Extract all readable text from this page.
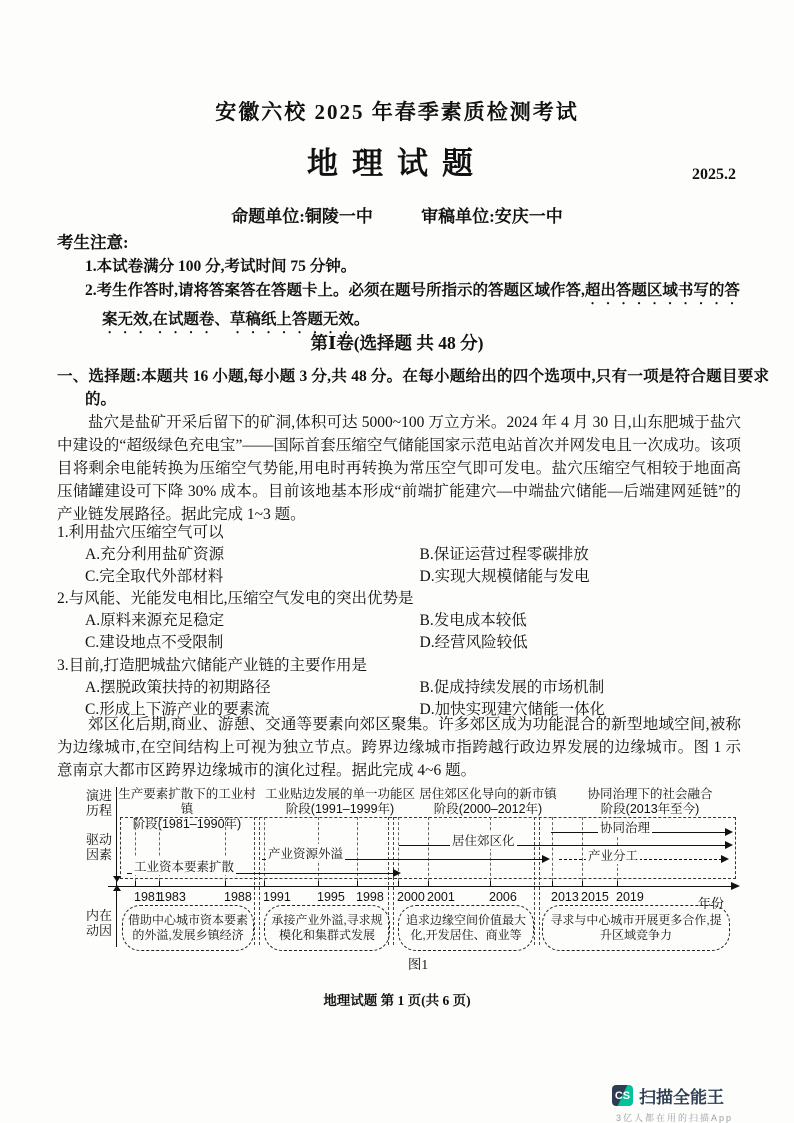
安徽六校 2025 年春季素质检测考试
地理试题	2025.2
命题单位:铜陵一中	审稿单位:安庆一中
考生注意:
1.本试卷满分 100 分,考试时间 75 分钟。
2.考生作答时,请将答案答在答题卡上。必须在题号所指示的答题区域作答,超出答题区域书写的答案无效,在试题卷、草稿纸上答题无效。
第Ⅰ卷(选择题 共 48 分)
一、选择题:本题共 16 小题,每小题 3 分,共 48 分。在每小题给出的四个选项中,只有一项是符合题目要求的。
盐穴是盐矿开采后留下的矿洞,体积可达 5000~100 万立方米。2024 年 4 月 30 日,山东肥城于盐穴中建设的“超级绿色充电宝”——国际首套压缩空气储能国家示范电站首次并网发电且一次成功。该项目将剩余电能转换为压缩空气势能,用电时再转换为常压空气即可发电。盐穴压缩空气相较于地面高压储罐建设可下降 30% 成本。目前该地基本形成“前端扩能建穴—中端盐穴储能—后端建网延链”的产业链发展路径。据此完成 1~3 题。
1.利用盐穴压缩空气可以
A.充分利用盐矿资源	B.保证运营过程零碳排放
C.完全取代外部材料	D.实现大规模储能与发电
2.与风能、光能发电相比,压缩空气发电的突出优势是
A.原料来源充足稳定	B.发电成本较低
C.建设地点不受限制	D.经营风险较低
3.目前,打造肥城盐穴储能产业链的主要作用是
A.摆脱政策扶持的初期路径	B.促成持续发展的市场机制
C.形成上下游产业的要素流	D.加快实现建穴储能一体化
郊区化后期,商业、游憩、交通等要素向郊区聚集。许多郊区成为功能混合的新型地域空间,被称为边缘城市,在空间结构上可视为独立节点。跨界边缘城市指跨越行政边界发展的边缘城市。图 1 示意南京大都市区跨界边缘城市的演化过程。据此完成 4~6 题。
演进历程
驱动因素
内在动因
生产要素扩散下的工业村镇
阶段(1981–1990年)
工业贴边发展的单一功能区
阶段(1991–1999年)
居住郊区化导向的新市镇
阶段(2000–2012年)
协同治理下的社会融合
阶段(2013年至今)
协同治理
居住郊区化
产业资源外溢	产业分工
工业资本要素扩散
1981
1983	1988 1991 1995 1998 2000 2001	2006	2013 2015 2019	年份
借助中心城市资本要素的外溢,发展乡镇经济
承接产业外溢,寻求规模化和集群式发展
追求边缘空间价值最大化,开发居住、商业等
寻求与中心城市开展更多合作,提升区域竞争力
图1
地理试题 第 1 页(共 6 页)
CS 扫描全能王
3亿人都在用的扫描App
